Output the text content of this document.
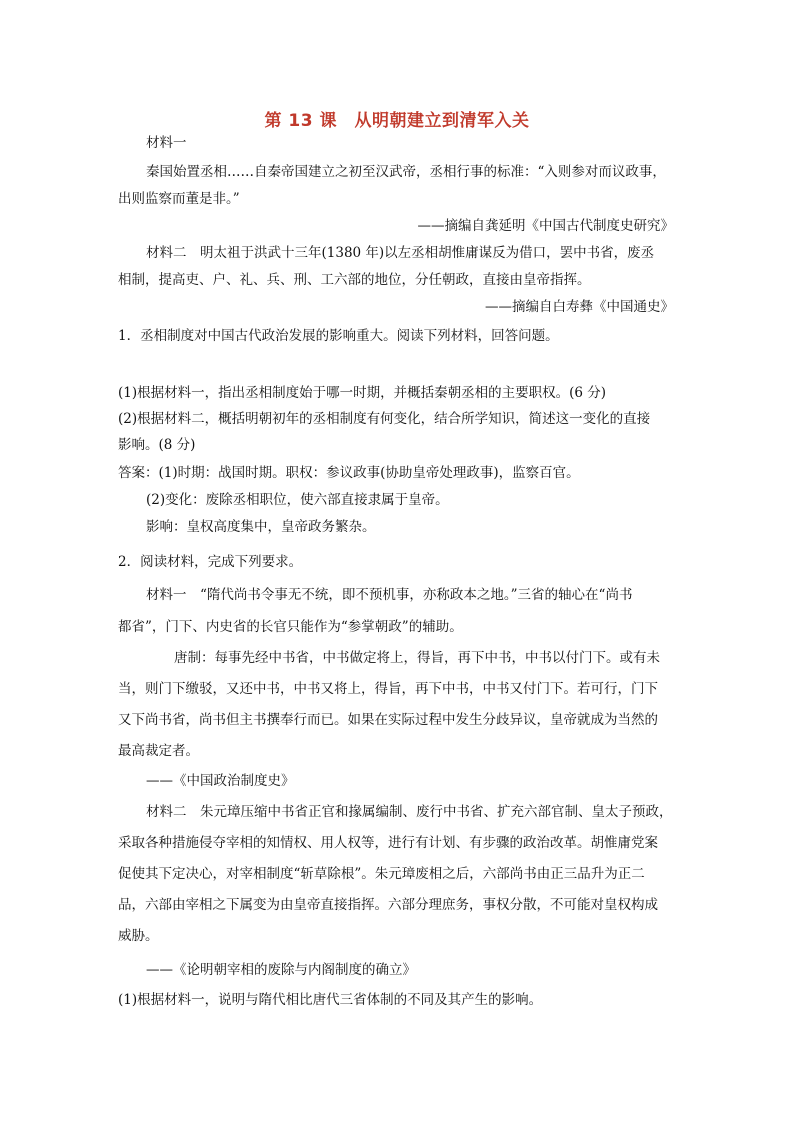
第 13 课　从明朝建立到清军入关
材料一
秦国始置丞相……自秦帝国建立之初至汉武帝，丞相行事的标准：“入则参对而议政事，
出则监察而董是非。”
——摘编自龚延明《中国古代制度史研究》
材料二　明太祖于洪武十三年(1380 年)以左丞相胡惟庸谋反为借口，罢中书省，废丞
相制，提高吏、户、礼、兵、刑、工六部的地位，分任朝政，直接由皇帝指挥。
——摘编自白寿彝《中国通史》
1．丞相制度对中国古代政治发展的影响重大。阅读下列材料，回答问题。
(1)根据材料一，指出丞相制度始于哪一时期，并概括秦朝丞相的主要职权。(6 分)
(2)根据材料二，概括明朝初年的丞相制度有何变化，结合所学知识，简述这一变化的直接
影响。(8 分)
答案：(1)时期：战国时期。职权：参议政事(协助皇帝处理政事)，监察百官。
(2)变化：废除丞相职位，使六部直接隶属于皇帝。
影响：皇权高度集中，皇帝政务繁杂。
2．阅读材料，完成下列要求。
材料一　“隋代尚书令事无不统，即不预机事，亦称政本之地。”三省的轴心在“尚书
都省”，门下、内史省的长官只能作为“参掌朝政”的辅助。
唐制：每事先经中书省，中书做定将上，得旨，再下中书，中书以付门下。或有未
当，则门下缴驳，又还中书，中书又将上，得旨，再下中书，中书又付门下。若可行，门下
又下尚书省，尚书但主书撰奉行而已。如果在实际过程中发生分歧异议，皇帝就成为当然的
最高裁定者。
——《中国政治制度史》
材料二　朱元璋压缩中书省正官和掾属编制、废行中书省、扩充六部官制、皇太子预政，
采取各种措施侵夺宰相的知情权、用人权等，进行有计划、有步骤的政治改革。胡惟庸党案
促使其下定决心，对宰相制度“斩草除根”。朱元璋废相之后，六部尚书由正三品升为正二
品，六部由宰相之下属变为由皇帝直接指挥。六部分理庶务，事权分散，不可能对皇权构成
威胁。
——《论明朝宰相的废除与内阁制度的确立》
(1)根据材料一，说明与隋代相比唐代三省体制的不同及其产生的影响。
